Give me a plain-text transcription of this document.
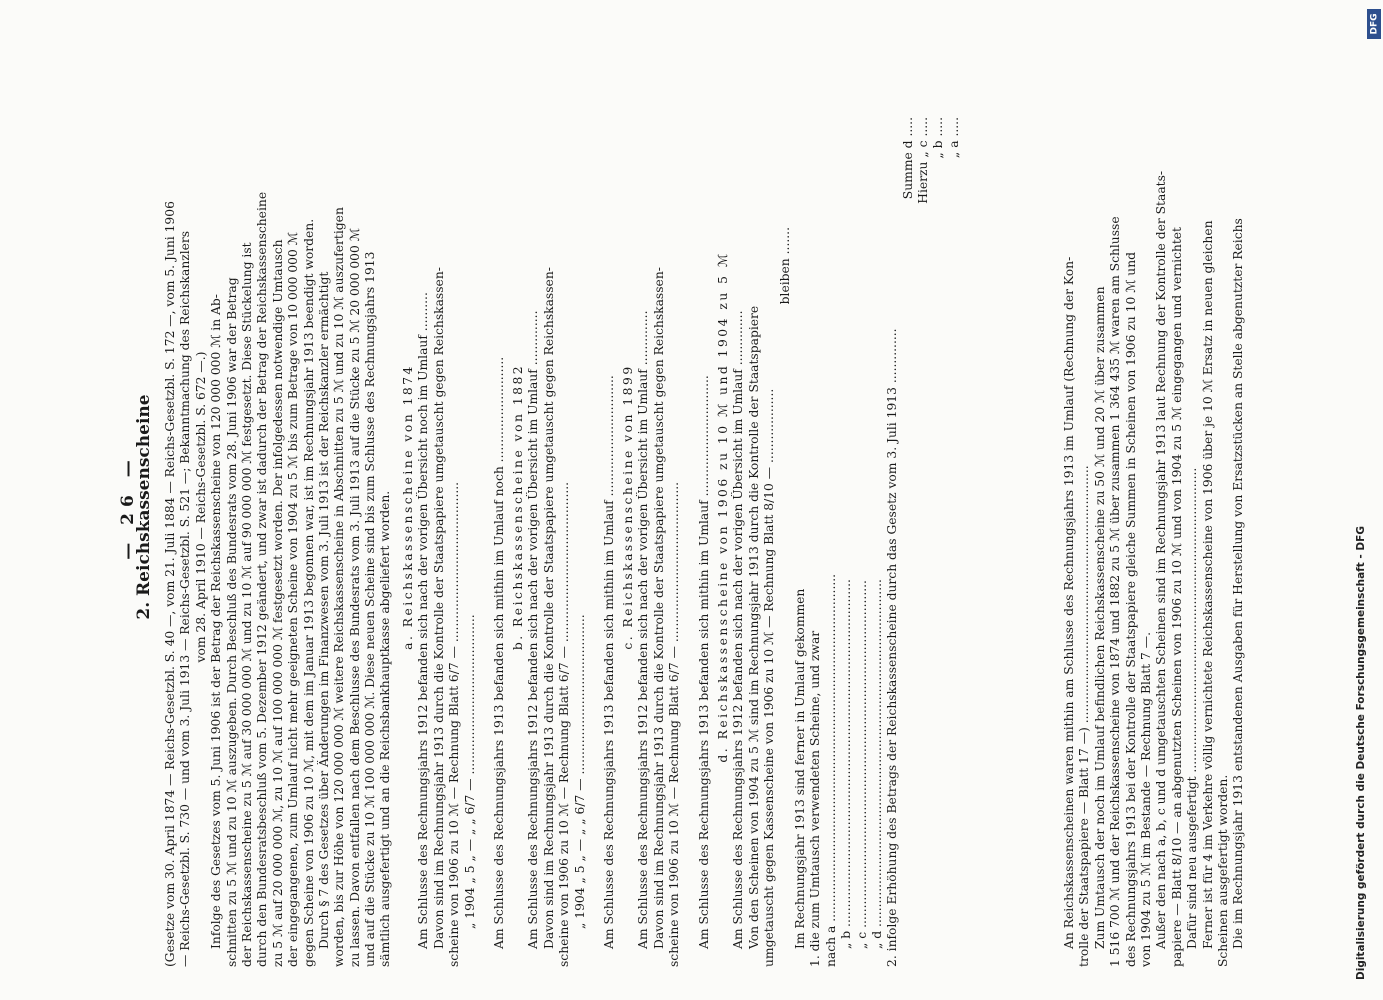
— 26 —
2. Reichskassenscheine (Gesetze vom 30. April 1874 — Reichs-Gesetzbl. S. 40 —, vom 21. Juli 1884 — Reichs-Gesetzbl. S. 172 —, vom 5. Juni 1906 — Reichs-Gesetzbl. S. 730 — und vom 3. Juli 1913 — Reichs-Gesetzbl. S. 521 —; Bekanntmachung des Reichskanzlers vom 28. April 1910 — Reichs-Gesetzbl. S. 672 —.) Infolge des Gesetzes vom 5. Juni 1906 ist der Betrag der Reichskassenscheine von 120 000 000 ℳ in Ab- schnitten zu 5 ℳ und zu 10 ℳ auszugeben. Durch Beschluß des Bundesrats vom 28. Juni 1906 war der Betrag der Reichskassenscheine zu 5 ℳ auf 30 000 000 ℳ und zu 10 ℳ auf 90 000 000 ℳ festgesetzt. Diese Stückelung ist durch den Bundesratsbeschluß vom 5. Dezember 1912 geändert, und zwar ist dadurch der Betrag der Reichskassenscheine zu 5 ℳ auf 20 000 000 ℳ, zu 10 ℳ auf 100 000 000 ℳ festgesetzt worden. Der infolgedessen notwendige Umtausch der eingegangenen, zum Umlauf nicht mehr geeigneten Scheine von 1904 zu 5 ℳ bis zum Betrage von 10 000 000 ℳ gegen Scheine von 1906 zu 10 ℳ, mit dem im Januar 1913 begonnen war, ist im Rechnungsjahr 1913 beendigt worden. Durch § 7 des Gesetzes über Änderungen im Finanzwesen vom 3. Juli 1913 ist der Reichskanzler ermächtigt worden, bis zur Höhe von 120 000 000 ℳ weitere Reichskassenscheine in Abschnitten zu 5 ℳ und zu 10 ℳ auszufertigen zu lassen. Davon entfallen nach dem Beschlusse des Bundesrats vom 3. Juli 1913 auf die Stücke zu 5 ℳ 20 000 000 ℳ und auf die Stücke zu 10 ℳ 100 000 000 ℳ. Diese neuen Scheine sind bis zum Schlusse des Rechnungsjahrs 1913 sämtlich ausgefertigt und an die Reichsbankhauptkasse abgeliefert worden. a. Reichskassenscheine von 1874 Am Schlusse des Rechnungsjahrs 1912 befanden sich nach der vorigen Übersicht noch im Umlauf .......... Davon sind im Rechnungsjahr 1913 durch die Kontrolle der Staatspapiere umgetauscht gegen Reichskassen- scheine von 1906 zu 10 ℳ — Rechnung Blatt 6/7 — ......................................... „ 1904 „ 5 „ — „ „ 6/7 — ......................................... Am Schlusse des Rechnungsjahrs 1913 befanden sich mithin im Umlauf noch ........................... b. Reichskassenscheine von 1882 Am Schlusse des Rechnungsjahrs 1912 befanden sich nach der vorigen Übersicht im Umlauf .............. Davon sind im Rechnungsjahr 1913 durch die Kontrolle der Staatspapiere umgetauscht gegen Reichskassen- scheine von 1906 zu 10 ℳ — Rechnung Blatt 6/7 — ......................................... „ 1904 „ 5 „ — „ „ 6/7 — ......................................... Am Schlusse des Rechnungsjahrs 1913 befanden sich mithin im Umlauf ............................... c. Reichskassenscheine von 1899 Am Schlusse des Rechnungsjahrs 1912 befanden sich nach der vorigen Übersicht im Umlauf .............. Davon sind im Rechnungsjahr 1913 durch die Kontrolle der Staatspapiere umgetauscht gegen Reichskassen- scheine von 1906 zu 10 ℳ — Rechnung Blatt 6/7 — ......................................... Am Schlusse des Rechnungsjahrs 1913 befanden sich mithin im Umlauf ............................... d. Reichskassenscheine von 1906 zu 10 ℳ und 1904 zu 5 ℳ Am Schlusse des Rechnungsjahrs 1912 befanden sich nach der vorigen Übersicht im Umlauf .............. Von den Scheinen von 1904 zu 5 ℳ sind im Rechnungsjahr 1913 durch die Kontrolle der Staatspapiere umgetauscht gegen Kassenscheine von 1906 zu 10 ℳ — Rechnung Blatt 8/10 — ...................
bleiben .......
Im Rechnungsjahr 1913 sind ferner in Umlauf gekommen 1. die zum Umtausch verwendeten Scheine, und zwar nach a ......................................................................................... „ b ......................................................................................... „ c ......................................................................................... „ d ......................................................................................... 2. infolge Erhöhung des Betrags der Reichskassenscheine durch das Gesetz vom 3. Juli 1913 ..............
Summe d ..... Hierzu „ c ..... „ b ..... „ a .....
An Reichskassenscheinen waren mithin am Schlusse des Rechnungsjahrs 1913 im Umlauf (Rechnung der Kon- trolle der Staatspapiere — Blatt 17 —) .................................................................. Zum Umtausch der noch im Umlauf befindlichen Reichskassenscheine zu 50 ℳ und 20 ℳ über zusammen 1 516 700 ℳ und der Reichskassenscheine von 1874 und 1882 zu 5 ℳ über zusammen 1 364 435 ℳ waren am Schlusse des Rechnungsjahrs 1913 bei der Kontrolle der Staatspapiere gleiche Summen in Scheinen von 1906 zu 10 ℳ und von 1904 zu 5 ℳ im Bestande — Rechnung Blatt 7 —. Außer den nach a, b, c und d umgetauschten Scheinen sind im Rechnungsjahr 1913 laut Rechnung der Kontrolle der Staats- papiere — Blatt 8/10 — an abgenutzten Scheinen von 1906 zu 10 ℳ und von 1904 zu 5 ℳ eingegangen und vernichtet Dafür sind neu ausgefertigt .............................................................................. Ferner ist für 4 im Verkehre völlig vernichtete Reichskassenscheine von 1906 über je 10 ℳ Ersatz in neuen gleichen Scheinen ausgefertigt worden. Die im Rechnungsjahr 1913 entstandenen Ausgaben für Herstellung von Ersatzstücken an Stelle abgenutzter Reichs	Digitalisierung gefördert durch die Deutsche Forschungsgemeinschaft - DFG
DFG
